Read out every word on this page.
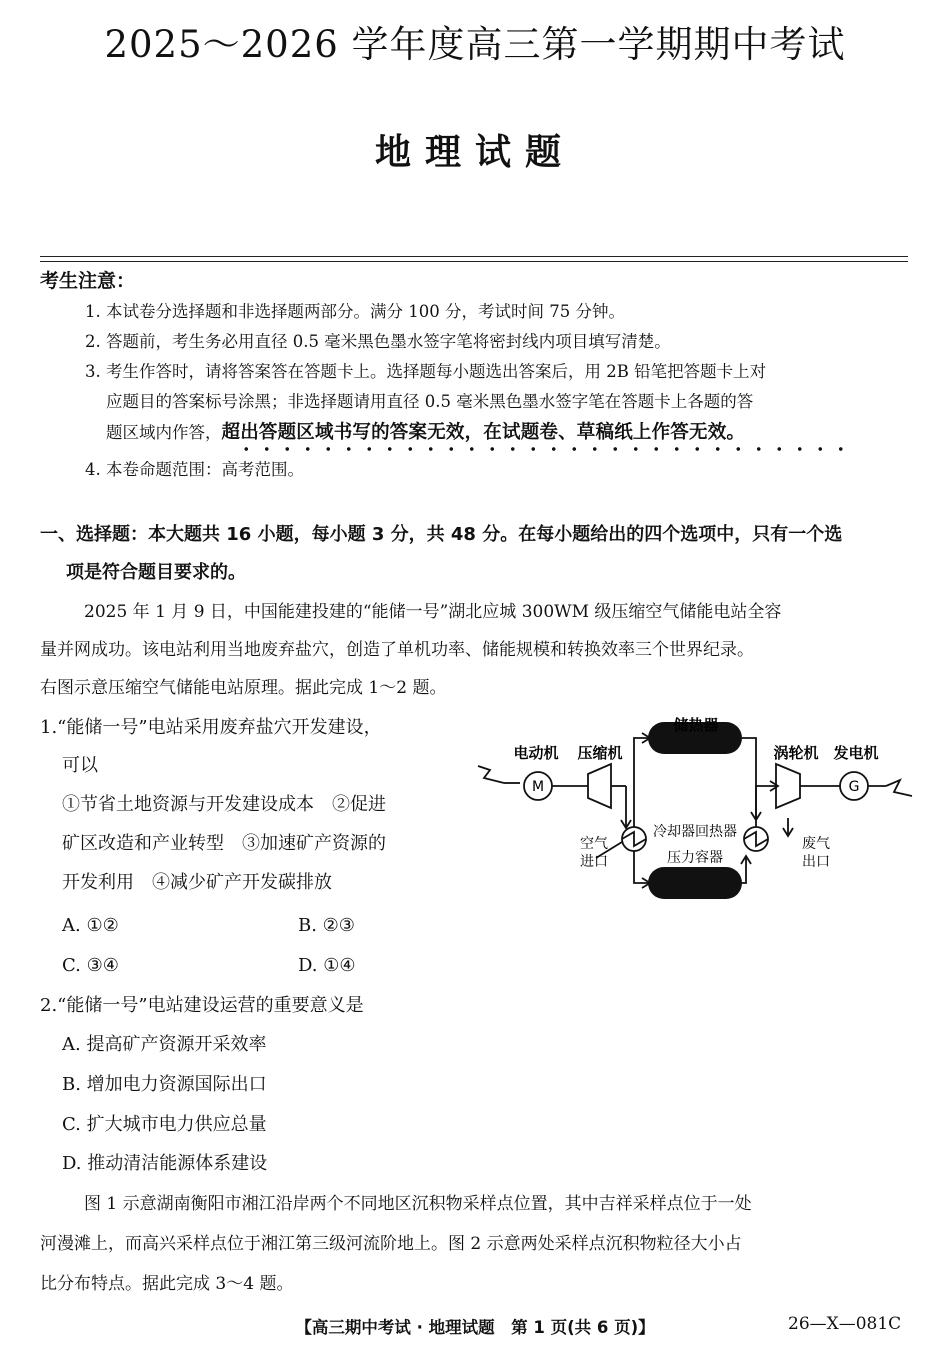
2025～2026 学年度高三第一学期期中考试
地理试题
考生注意：
1. 本试卷分选择题和非选择题两部分。满分 100 分，考试时间 75 分钟。
2. 答题前，考生务必用直径 0.5 毫米黑色墨水签字笔将密封线内项目填写清楚。
3. 考生作答时，请将答案答在答题卡上。选择题每小题选出答案后，用 2B 铅笔把答题卡上对
应题目的答案标号涂黑；非选择题请用直径 0.5 毫米黑色墨水签字笔在答题卡上各题的答
题区域内作答，超出答题区域书写的答案无效，在试题卷、草稿纸上作答无效。
4. 本卷命题范围：高考范围。
一、选择题：本大题共 16 小题，每小题 3 分，共 48 分。在每小题给出的四个选项中，只有一个选
项是符合题目要求的。
2025 年 1 月 9 日，中国能建投建的“能储一号”湖北应城 300WM 级压缩空气储能电站全容
量并网成功。该电站利用当地废弃盐穴，创造了单机功率、储能规模和转换效率三个世界纪录。
右图示意压缩空气储能电站原理。据此完成 1～2 题。
1.“能储一号”电站采用废弃盐穴开发建设，
可以
①节省土地资源与开发建设成本　②促进
矿区改造和产业转型　③加速矿产资源的
开发利用　④减少矿产开发碳排放
A. ①②	B. ②③
C. ③④	D. ①④
2.“能储一号”电站建设运营的重要意义是
A. 提高矿产资源开采效率
B. 增加电力资源国际出口
C. 扩大城市电力供应总量
D. 推动清洁能源体系建设
图 1 示意湖南衡阳市湘江沿岸两个不同地区沉积物采样点位置，其中吉祥采样点位于一处
河漫滩上，而高兴采样点位于湘江第三级河流阶地上。图 2 示意两处采样点沉积物粒径大小占
比分布特点。据此完成 3～4 题。
储热器
电动机 压缩机	涡轮机 发电机
M	G
空气
进口
冷却器回热器
压力容器
废气
出口
【高三期中考试 · 地理试题　第 1 页(共 6 页)】	26—X—081C
